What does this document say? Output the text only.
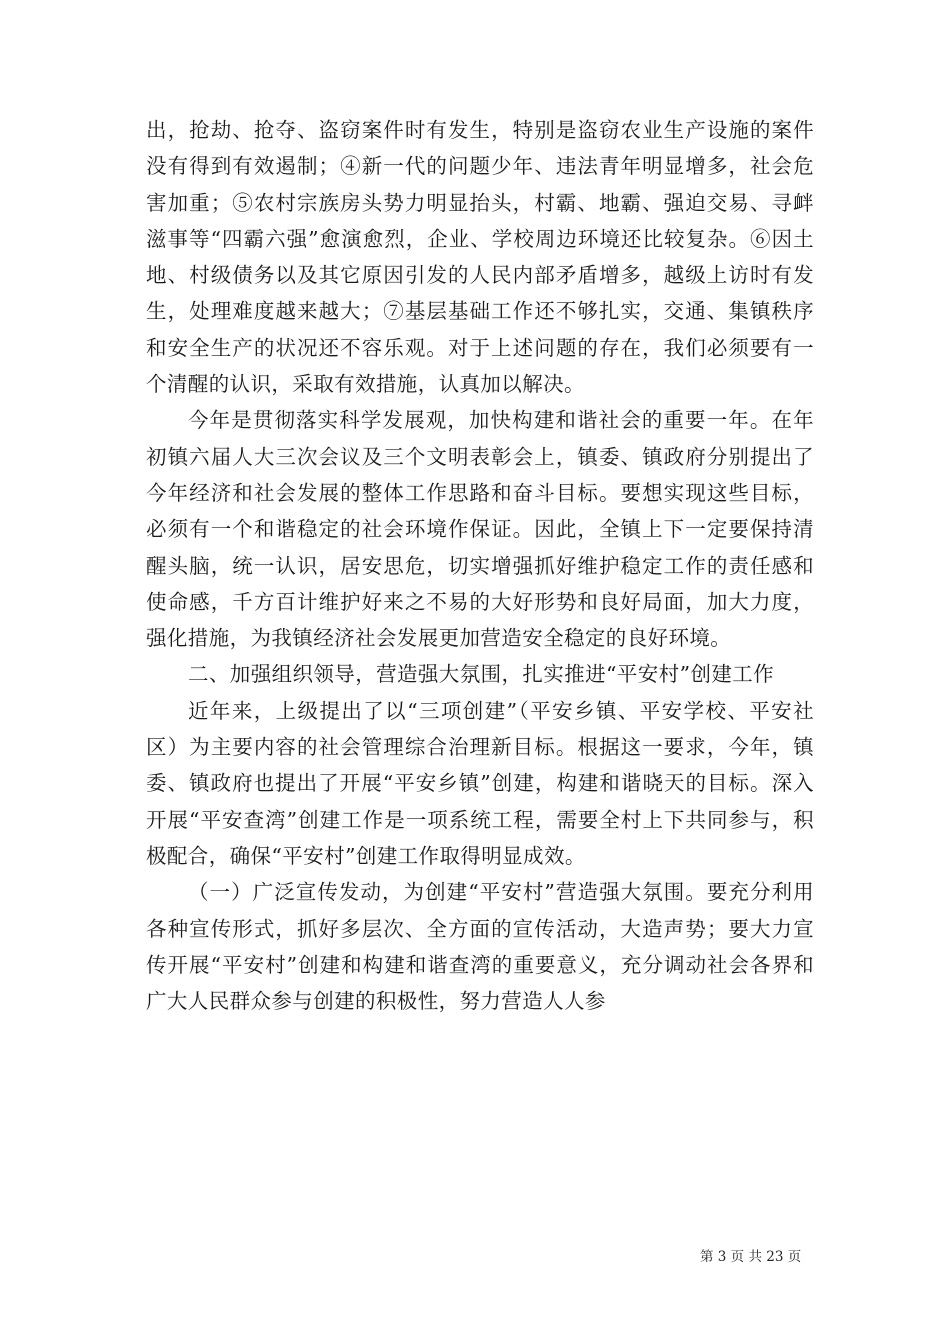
出，抢劫、抢夺、盗窃案件时有发生，特别是盗窃农业生产设施的案件没有得到有效遏制；④新一代的问题少年、违法青年明显增多，社会危害加重；⑤农村宗族房头势力明显抬头，村霸、地霸、强迫交易、寻衅滋事等“四霸六强”愈演愈烈，企业、学校周边环境还比较复杂。⑥因土地、村级债务以及其它原因引发的人民内部矛盾增多，越级上访时有发生，处理难度越来越大；⑦基层基础工作还不够扎实，交通、集镇秩序和安全生产的状况还不容乐观。对于上述问题的存在，我们必须要有一个清醒的认识，采取有效措施，认真加以解决。

今年是贯彻落实科学发展观，加快构建和谐社会的重要一年。在年初镇六届人大三次会议及三个文明表彰会上，镇委、镇政府分别提出了今年经济和社会发展的整体工作思路和奋斗目标。要想实现这些目标，必须有一个和谐稳定的社会环境作保证。因此，全镇上下一定要保持清醒头脑，统一认识，居安思危，切实增强抓好维护稳定工作的责任感和使命感，千方百计维护好来之不易的大好形势和良好局面，加大力度，强化措施，为我镇经济社会发展更加营造安全稳定的良好环境。

二、加强组织领导，营造强大氛围，扎实推进“平安村”创建工作

近年来，上级提出了以“三项创建”（平安乡镇、平安学校、平安社区）为主要内容的社会管理综合治理新目标。根据这一要求，今年，镇委、镇政府也提出了开展“平安乡镇”创建，构建和谐晓天的目标。深入开展“平安查湾”创建工作是一项系统工程，需要全村上下共同参与，积极配合，确保“平安村”创建工作取得明显成效。

（一）广泛宣传发动，为创建“平安村”营造强大氛围。要充分利用各种宣传形式，抓好多层次、全方面的宣传活动，大造声势；要大力宣传开展“平安村”创建和构建和谐查湾的重要意义，充分调动社会各界和广大人民群众参与创建的积极性，努力营造人人参

第 3 页 共 23 页
